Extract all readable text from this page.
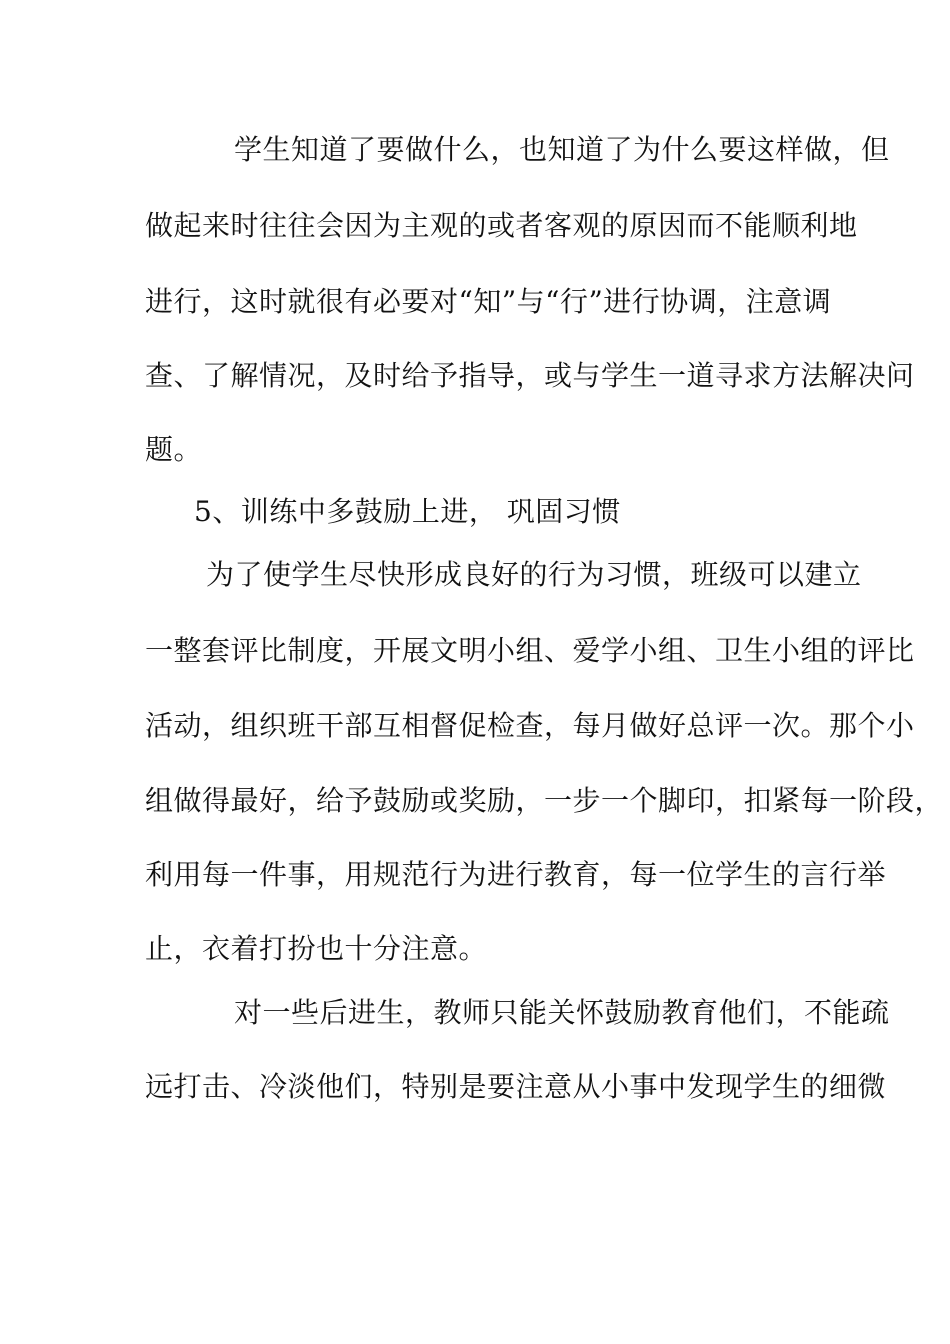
学生知道了要做什么，也知道了为什么要这样做，但
做起来时往往会因为主观的或者客观的原因而不能顺利地
进行，这时就很有必要对“知”与“行”进行协调，注意调
查、了解情况，及时给予指导，或与学生一道寻求方法解决问
题。
5、训练中多鼓励上进， 巩固习惯
为了使学生尽快形成良好的行为习惯，班级可以建立
一整套评比制度，开展文明小组、爱学小组、卫生小组的评比
活动，组织班干部互相督促检查，每月做好总评一次。那个小
组做得最好，给予鼓励或奖励，一步一个脚印，扣紧每一阶段，
利用每一件事，用规范行为进行教育，每一位学生的言行举
止，衣着打扮也十分注意。
对一些后进生，教师只能关怀鼓励教育他们，不能疏
远打击、冷淡他们，特别是要注意从小事中发现学生的细微
